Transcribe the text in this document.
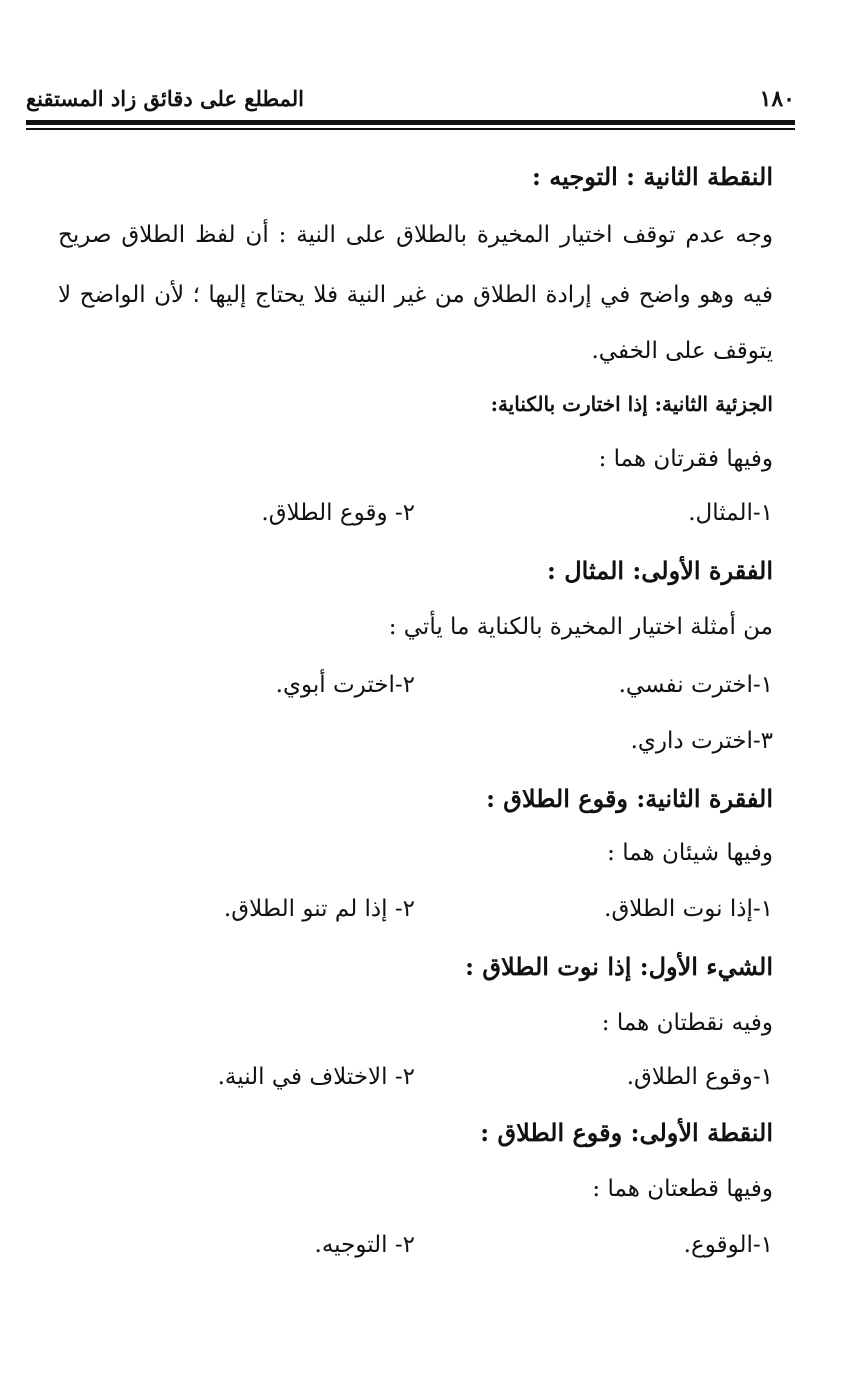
١٨٠
المطلع على دقائق زاد المستقنع
النقطة الثانية : التوجيه :
وجه عدم توقف اختيار المخيرة بالطلاق على النية : أن لفظ الطلاق صريح
فيه وهو واضح في إرادة الطلاق من غير النية فلا يحتاج إليها ؛ لأن الواضح لا
يتوقف على الخفي.
الجزئية الثانية: إذا اختارت بالكناية:
وفيها فقرتان هما :
١-المثال.
٢- وقوع الطلاق.
الفقرة الأولى: المثال :
من أمثلة اختيار المخيرة بالكناية ما يأتي :
١-اخترت نفسي.
٢-اخترت أبوي.
٣-اخترت داري.
الفقرة الثانية: وقوع الطلاق :
وفيها شيئان هما :
١-إذا نوت الطلاق.
٢- إذا لم تنو الطلاق.
الشيء الأول: إذا نوت الطلاق :
وفيه نقطتان هما :
١-وقوع الطلاق.
٢- الاختلاف في النية.
النقطة الأولى: وقوع الطلاق :
وفيها قطعتان هما :
١-الوقوع.
٢- التوجيه.
